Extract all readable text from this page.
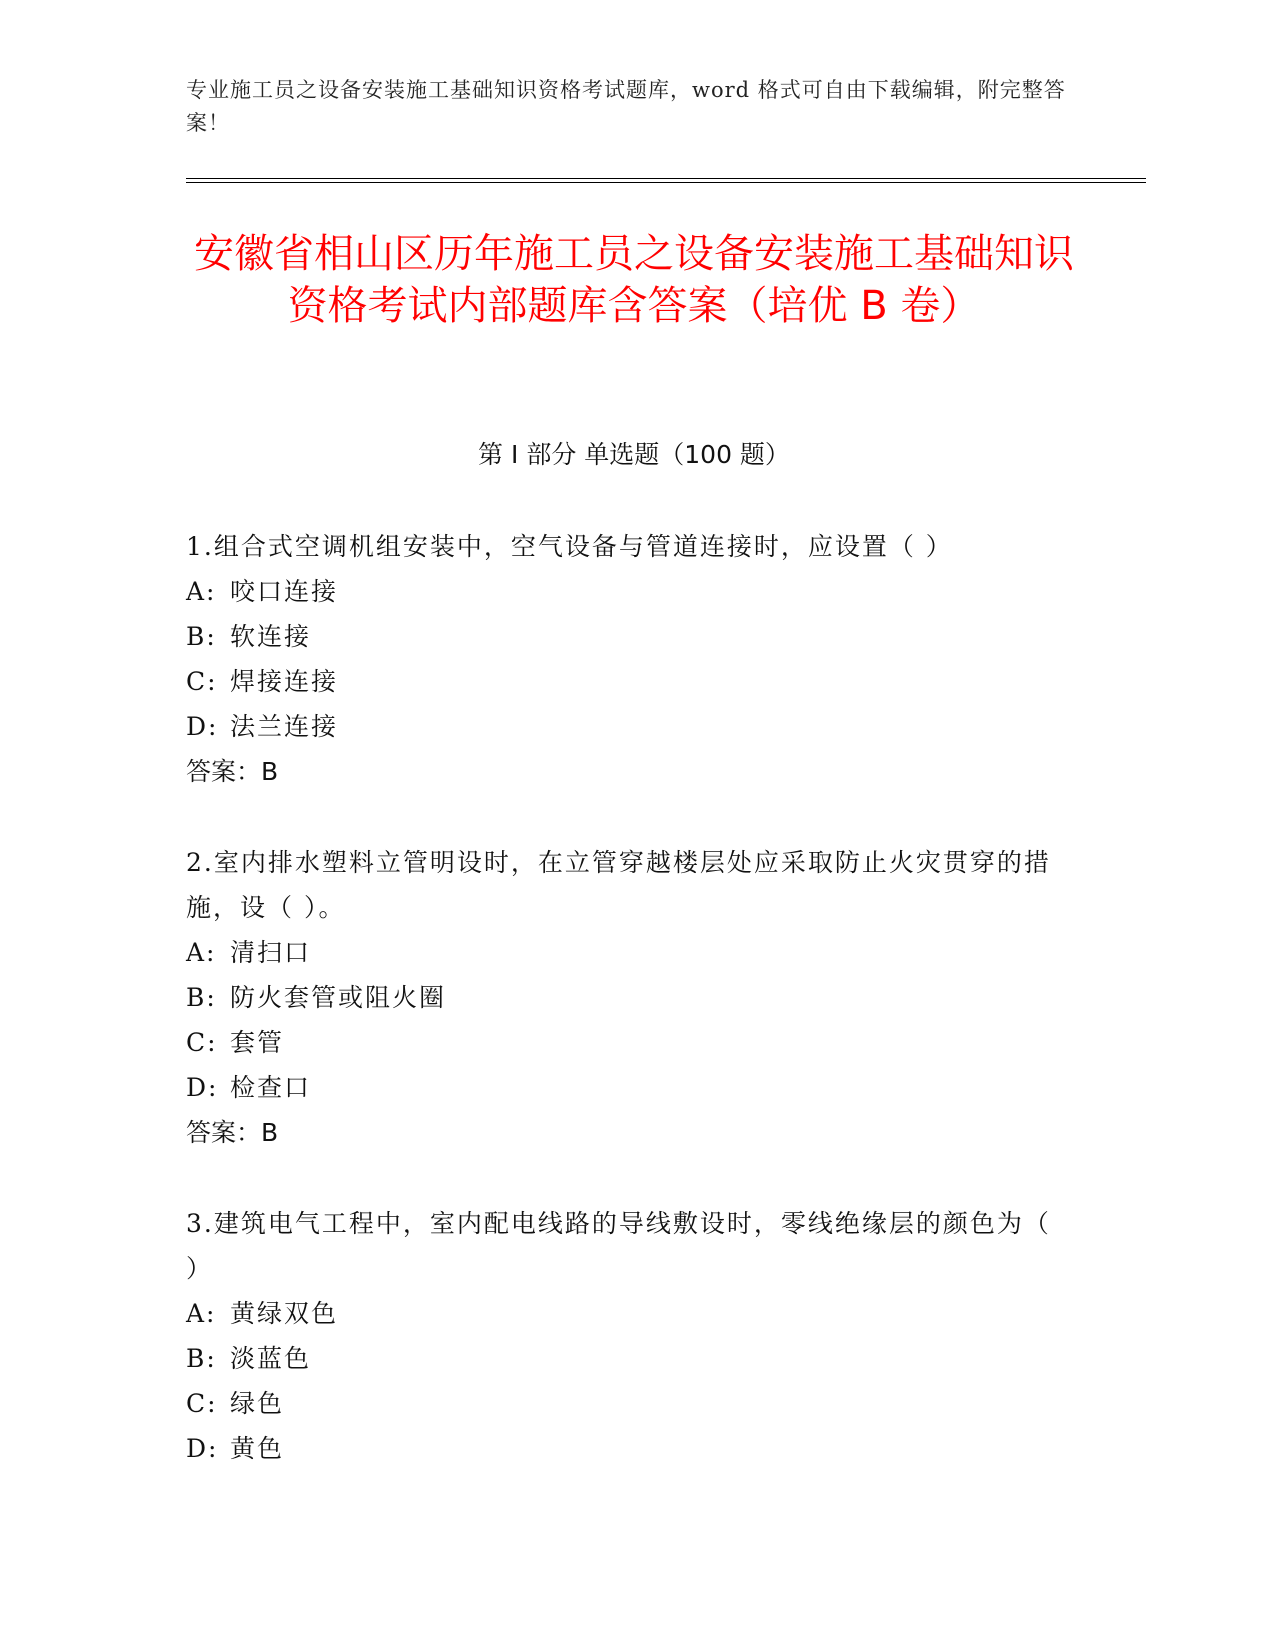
专业施工员之设备安装施工基础知识资格考试题库，word 格式可自由下载编辑，附完整答案！
安徽省相山区历年施工员之设备安装施工基础知识资格考试内部题库含答案（培优 B 卷）
第 I 部分 单选题（100 题）

1.组合式空调机组安装中，空气设备与管道连接时，应设置（ ）

A: 咬口连接
B: 软连接
C: 焊接连接
D: 法兰连接
答案：B

2.室内排水塑料立管明设时，在立管穿越楼层处应采取防止火灾贯穿的措施，设（ ）。

A: 清扫口
B: 防火套管或阻火圈
C: 套管
D: 检查口
答案：B

3.建筑电气工程中，室内配电线路的导线敷设时，零线绝缘层的颜色为（ ）

A: 黄绿双色
B: 淡蓝色
C: 绿色
D: 黄色
